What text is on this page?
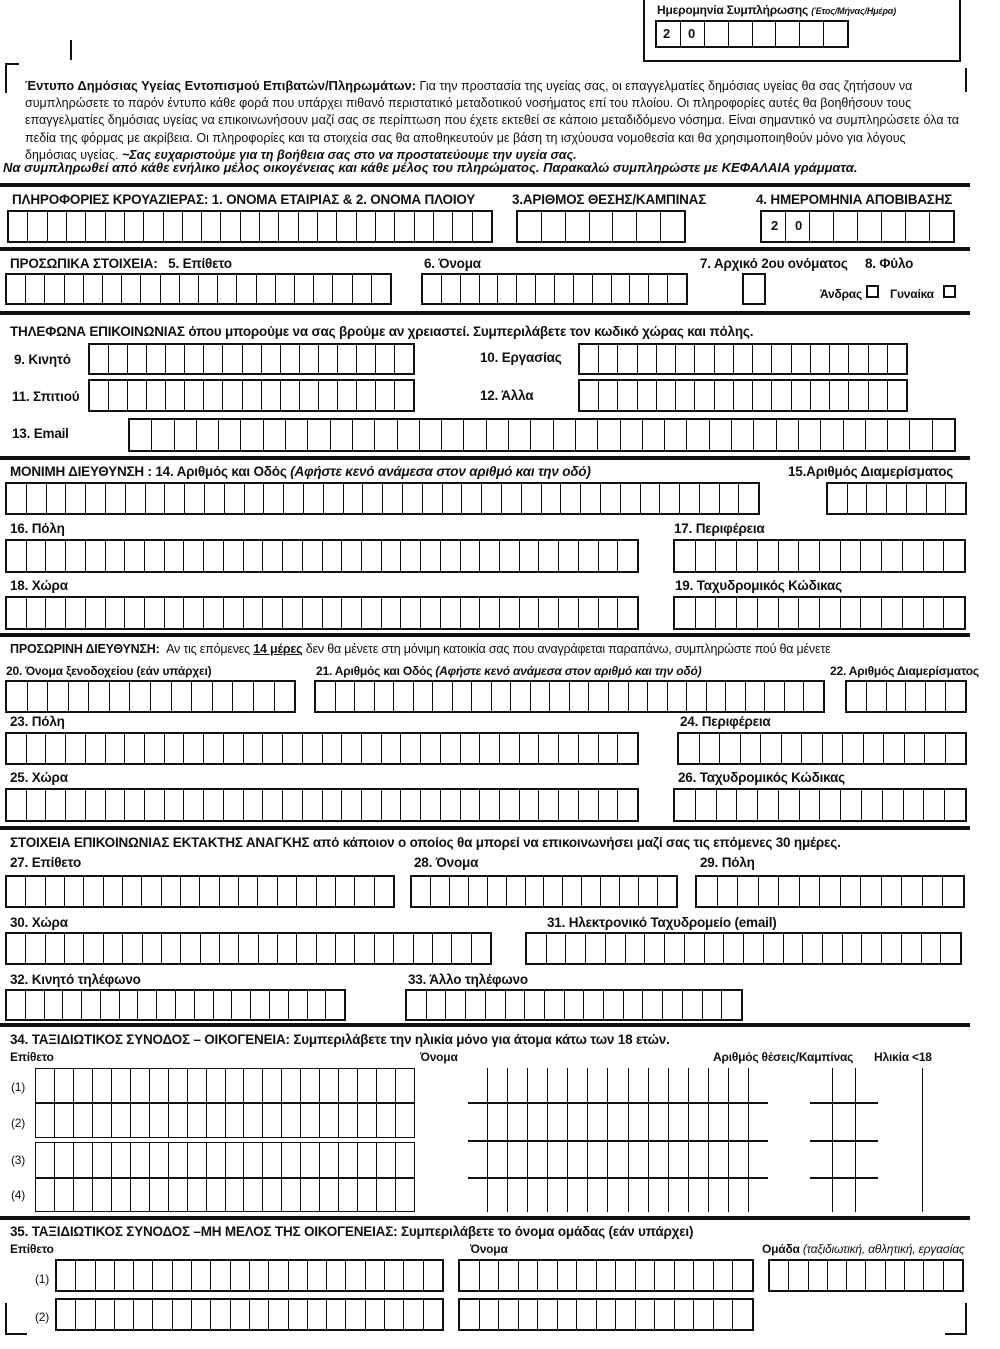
Ημερομηνία Συμπλήρωσης (Έτος/Μήνας/Ημέρα)
2 0
Έντυπο Δημόσιας Υγείας Εντοπισμού Επιβατών/Πληρωμάτων: Για την προστασία της υγείας σας, οι επαγγελματίες δημόσιας υγείας θα σας ζητήσουν να συμπληρώσετε το παρόν έντυπο κάθε φορά που υπάρχει πιθανό περιστατικό μεταδοτικού νοσήματος επί του πλοίου. Οι πληροφορίες αυτές θα βοηθήσουν τους επαγγελματίες δημόσιας υγείας να επικοινωνήσουν μαζί σας σε περίπτωση που έχετε εκτεθεί σε κάποιο μεταδιδόμενο νόσημα. Είναι σημαντικό να συμπληρώσετε όλα τα πεδία της φόρμας με ακρίβεια. Οι πληροφορίες και τα στοιχεία σας θα αποθηκευτούν με βάση τη ισχύουσα νομοθεσία και θα χρησιμοποιηθούν μόνο για λόγους δημόσιας υγείας. ~Σας ευχαριστούμε για τη βοήθεια σας στο να προστατεύουμε την υγεία σας.
Να συμπληρωθεί από κάθε ενήλικο μέλος οικογένειας και κάθε μέλος του πληρώματος. Παρακαλώ συμπληρώστε με ΚΕΦΑΛΑΙΑ γράμματα.
ΠΛΗΡΟΦΟΡΙΕΣ ΚΡΟΥΑΖΙΕΡΑΣ: 1. ΟΝΟΜΑ ΕΤΑΙΡΙΑΣ & 2. ΟΝΟΜΑ ΠΛΟΙΟΥ	3.ΑΡΙΘΜΟΣ ΘΕΣΗΣ/ΚΑΜΠΙΝΑΣ	4. ΗΜΕΡΟΜΗΝΙΑ ΑΠΟΒΙΒΑΣΗΣ
2 0
ΠΡΟΣΩΠΙΚΑ ΣΤΟΙΧΕΙΑ: 5. Επίθετο	6. Όνομα	7. Αρχικό 2ου ονόματος 8. Φύλο
Άνδρας Γυναίκα
ΤΗΛΕΦΩΝΑ ΕΠΙΚΟΙΝΩΝΙΑΣ όπου μπορούμε να σας βρούμε αν χρειαστεί. Συμπεριλάβετε τον κωδικό χώρας και πόλης.
9. Κινητό	10. Εργασίας
11. Σπιτιού	12. Άλλα
13. Email
ΜΟΝΙΜΗ ΔΙΕΥΘΥΝΣΗ : 14. Αριθμός και Οδός (Αφήστε κενό ανάμεσα στον αριθμό και την οδό)	15.Αριθμός Διαμερίσματος
16. Πόλη	17. Περιφέρεια
18. Χώρα	19. Ταχυδρομικός Κώδικας
ΠΡΟΣΩΡΙΝΗ ΔΙΕΥΘΥΝΣΗ: Αν τις επόμενες 14 μέρες δεν θα μένετε στη μόνιμη κατοικία σας που αναγράφεται παραπάνω, συμπληρώστε πού θα μένετε
20. Όνομα ξενοδοχείου (εάν υπάρχει)	21. Αριθμός και Οδός (Αφήστε κενό ανάμεσα στον αριθμό και την οδό)	22. Αριθμός Διαμερίσματος
23. Πόλη	24. Περιφέρεια
25. Χώρα	26. Ταχυδρομικός Κώδικας
ΣΤΟΙΧΕΙΑ ΕΠΙΚΟΙΝΩΝΙΑΣ ΕΚΤΑΚΤΗΣ ΑΝΑΓΚΗΣ από κάποιον ο οποίος θα μπορεί να επικοινωνήσει μαζί σας τις επόμενες 30 ημέρες.
27. Επίθετο	28. Όνομα	29. Πόλη
30. Χώρα	31. Ηλεκτρονικό Ταχυδρομείο (email)
32. Κινητό τηλέφωνο	33. Άλλο τηλέφωνο
34. ΤΑΞΙΔΙΩΤΙΚΟΣ ΣΥΝΟΔΟΣ – ΟΙΚΟΓΕΝΕΙΑ: Συμπεριλάβετε την ηλικία μόνο για άτομα κάτω των 18 ετών.
Επίθετο	Όνομα	Αριθμός θέσεις/Καμπίνας Ηλικία <18
(1)
(2)
(3)
(4)
35. ΤΑΞΙΔΙΩΤΙΚΟΣ ΣΥΝΟΔΟΣ –ΜΗ ΜΕΛΟΣ ΤΗΣ ΟΙΚΟΓΕΝΕΙΑΣ: Συμπεριλάβετε το όνομα ομάδας (εάν υπάρχει)
Επίθετο	Όνομα	Ομάδα (ταξιδιωτική, αθλητική, εργασίας
(1)
(2)
